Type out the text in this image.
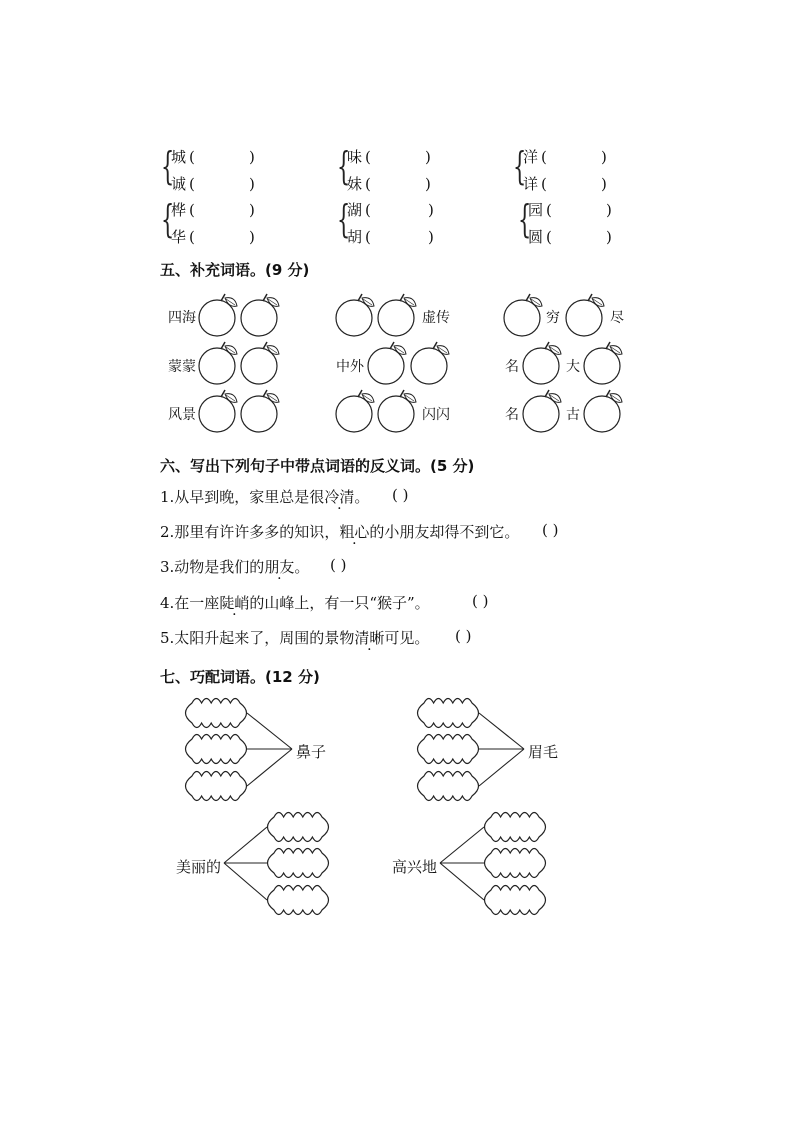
{
城 (	)
诚 (	)
{
桦 (	)
华 (	)
{
味 (	)
妹 (	)
{
湖 (	)
胡 (	)
{
洋 (	)
详 (	)
{
园 (	)
圆 (	)
五、补充词语。(9 分)
四海	虚传	穷	尽
蒙蒙	中外	名	大
风景	闪闪	名	古
六、写出下列句子中带点词语的反义词。(5 分)
1.从早到晚，家里总是很冷清。 ( )
2.那里有许许多多的知识，粗心的小朋友却得不到它。 ( )
3.动物是我们的朋友。 ( )
4.在一座陡峭的山峰上，有一只“猴子”。	( )
5.太阳升起来了，周围的景物清晰可见。 ( )
七、巧配词语。(12 分)
鼻子	眉毛
美丽的	高兴地
